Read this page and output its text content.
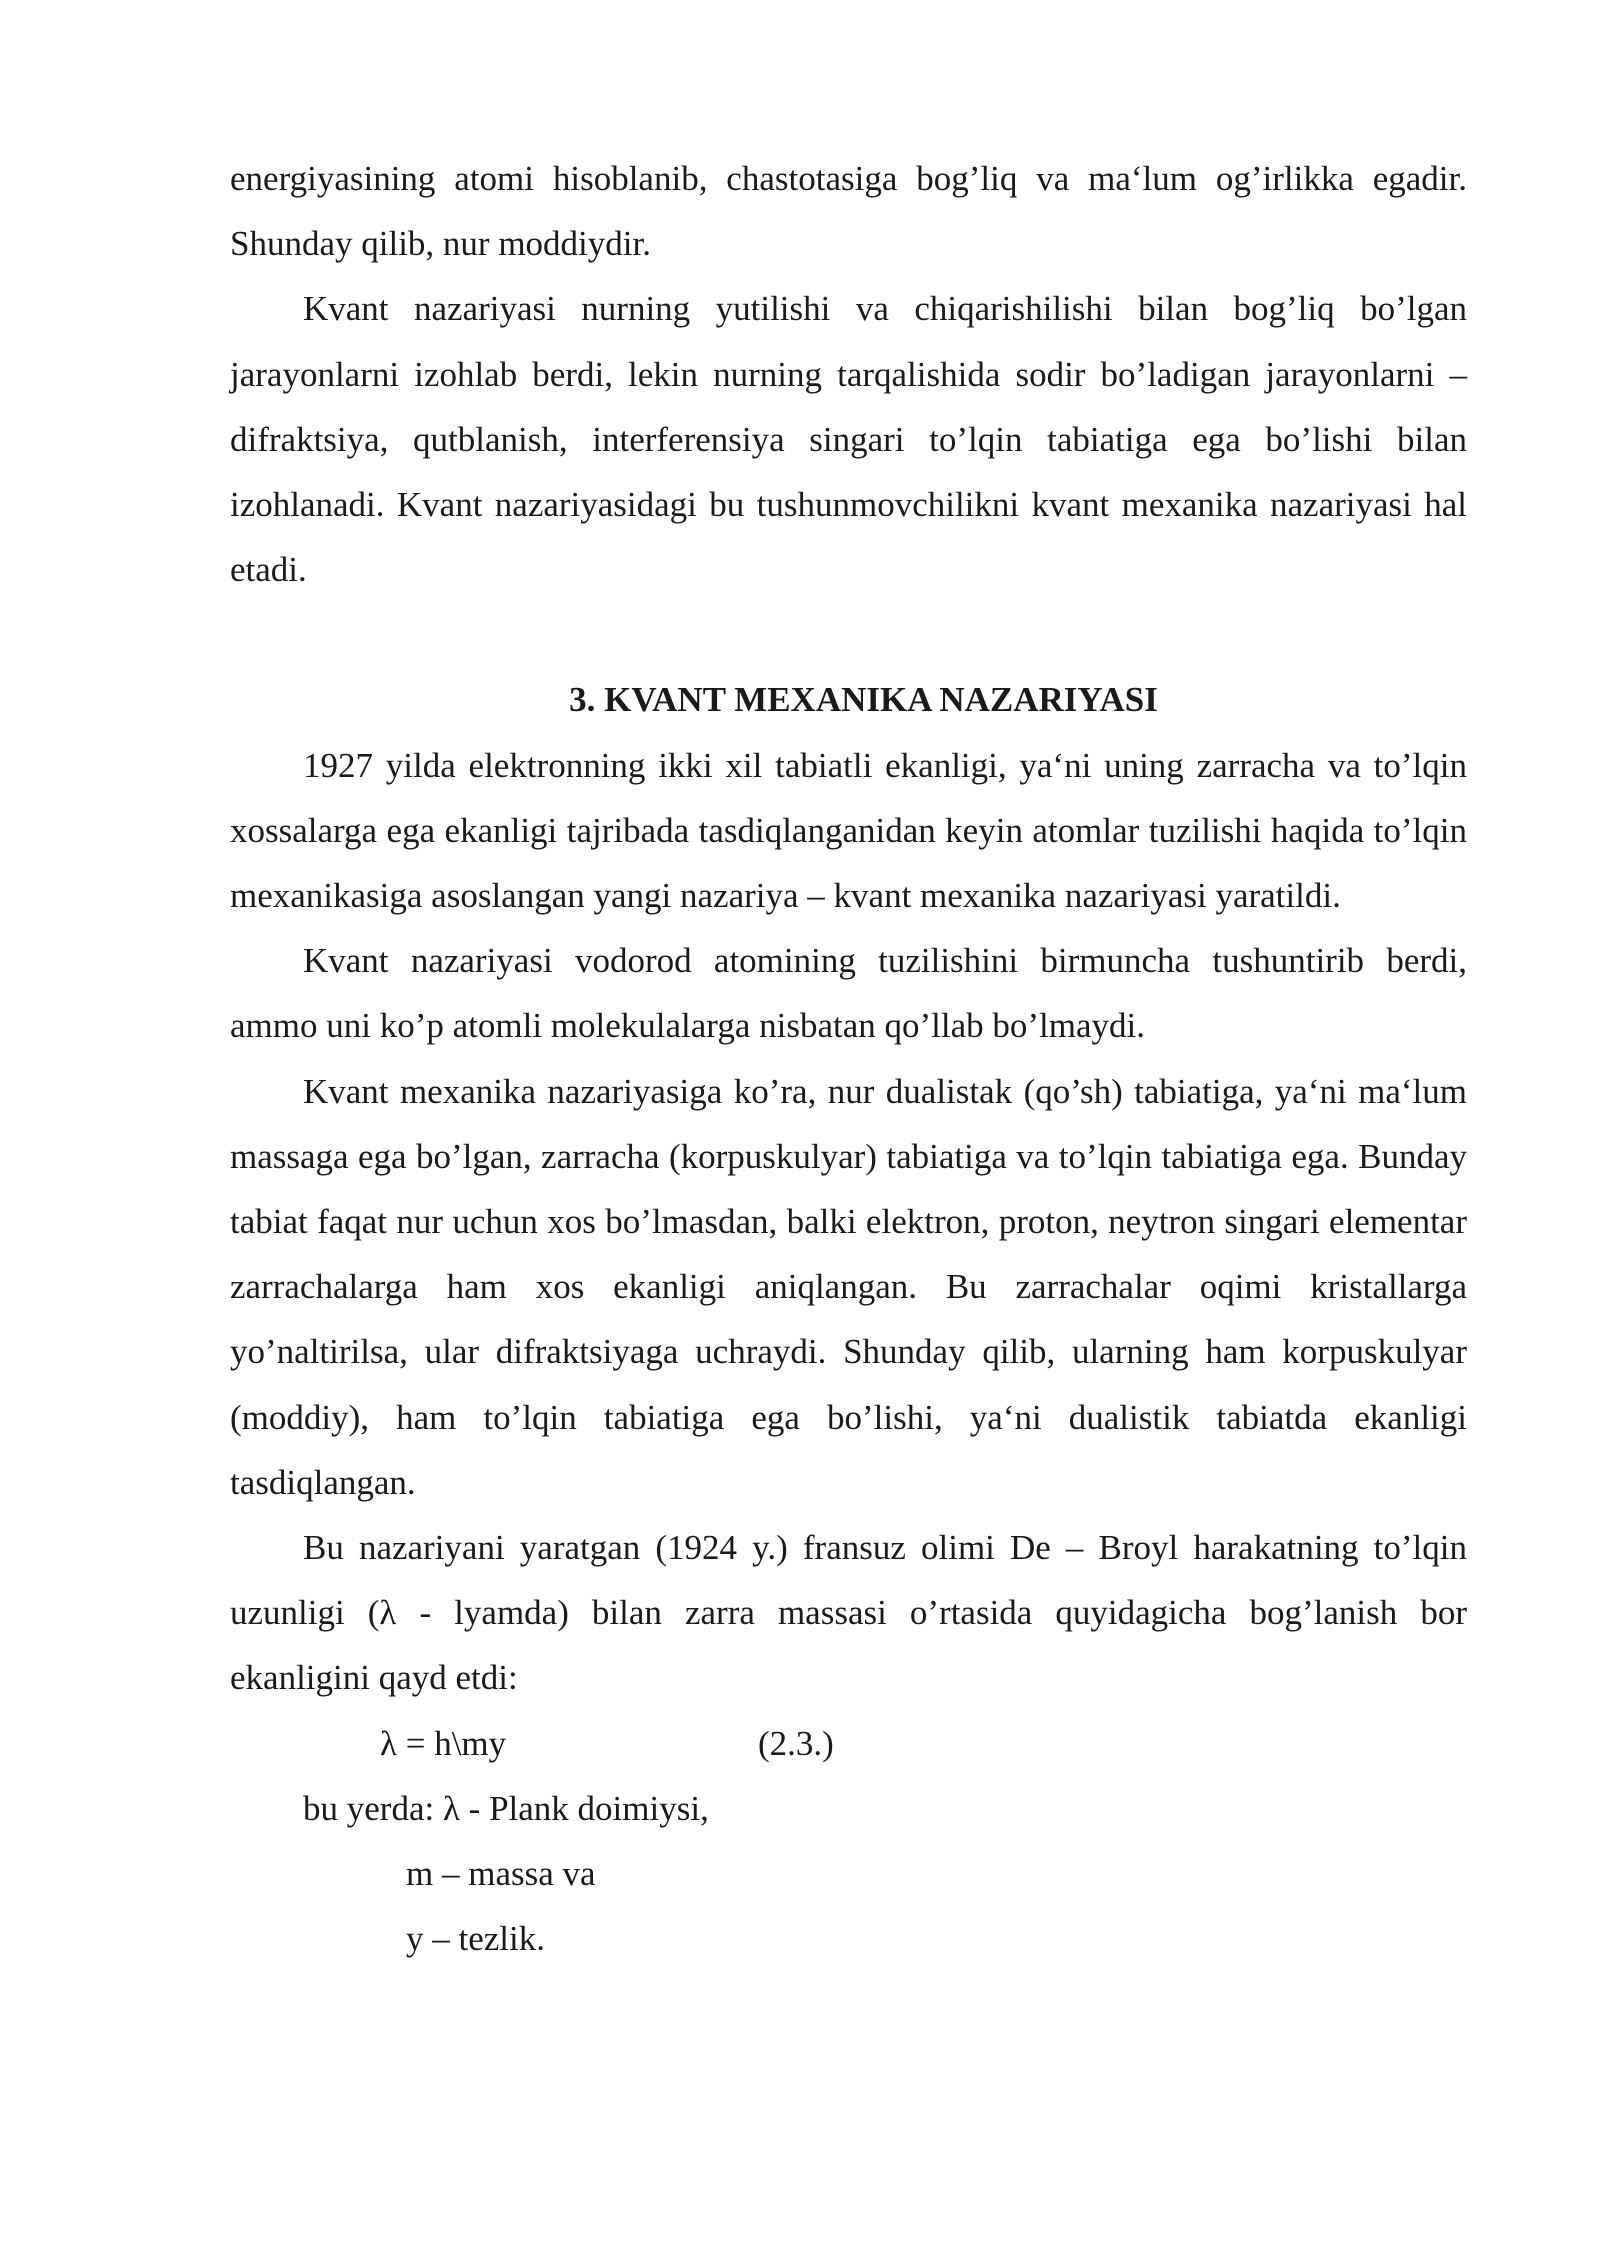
energiyasining atomi hisoblanib, chastotasiga bog’liq va ma‘lum og’irlikka egadir. Shunday qilib, nur moddiydir.

Kvant nazariyasi nurning yutilishi va chiqarishilishi bilan bog’liq bo’lgan jarayonlarni izohlab berdi, lekin nurning tarqalishida sodir bo’ladigan jarayonlarni – difraktsiya, qutblanish, interferensiya singari to’lqin tabiatiga ega bo’lishi bilan izohlanadi. Kvant nazariyasidagi bu tushunmovchilikni kvant mexanika nazariyasi hal etadi.

3. KVANT MEXANIKA NAZARIYASI

1927 yilda elektronning ikki xil tabiatli ekanligi, ya‘ni uning zarracha va to’lqin xossalarga ega ekanligi tajribada tasdiqlanganidan keyin atomlar tuzilishi haqida to’lqin mexanikasiga asoslangan yangi nazariya – kvant mexanika nazariyasi yaratildi.

Kvant nazariyasi vodorod atomining tuzilishini birmuncha tushuntirib berdi, ammo uni ko’p atomli molekulalarga nisbatan qo’llab bo’lmaydi.

Kvant mexanika nazariyasiga ko’ra, nur dualistak (qo’sh) tabiatiga, ya‘ni ma‘lum massaga ega bo’lgan, zarracha (korpuskulyar) tabiatiga va to’lqin tabiatiga ega. Bunday tabiat faqat nur uchun xos bo’lmasdan, balki elektron, proton, neytron singari elementar zarrachalarga ham xos ekanligi aniqlangan. Bu zarrachalar oqimi kristallarga yo’naltirilsa, ular difraktsiyaga uchraydi. Shunday qilib, ularning ham korpuskulyar (moddiy), ham to’lqin tabiatiga ega bo’lishi, ya‘ni dualistik tabiatda ekanligi tasdiqlangan.

Bu nazariyani yaratgan (1924 y.) fransuz olimi De – Broyl harakatning to’lqin uzunligi (λ - lyamda) bilan zarra massasi o’rtasida quyidagicha bog’lanish bor ekanligini qayd etdi:

λ = h\my	(2.3.)
bu yerda: λ - Plank doimiysi,
m – massa va
y – tezlik.
